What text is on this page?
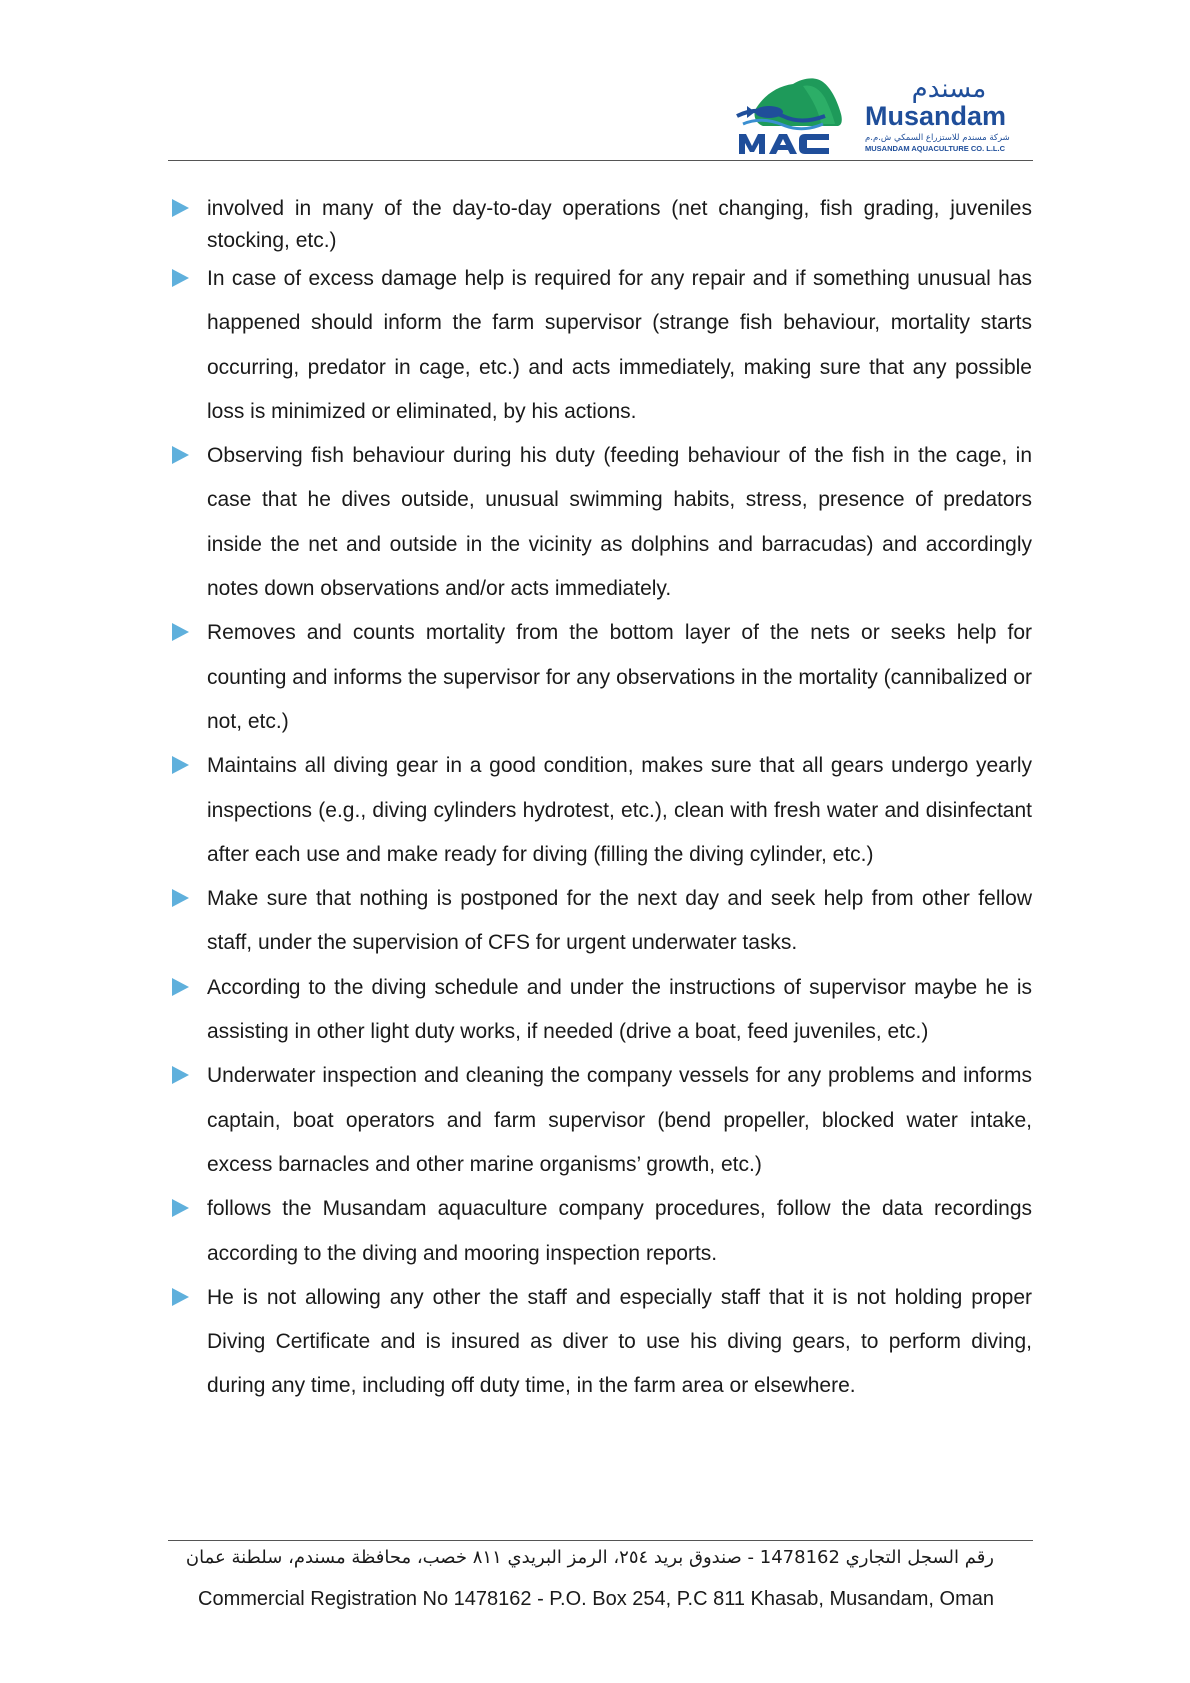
مسندم
Musandam
شركة مسندم للاستزراع السمكي ش.م.م
MUSANDAM AQUACULTURE CO. L.L.C
involved in many of the day-to-day operations (net changing, fish grading, juveniles stocking, etc.)
In case of excess damage help is required for any repair and if something unusual has happened should inform the farm supervisor (strange fish behaviour, mortality starts occurring, predator in cage, etc.) and acts immediately, making sure that any possible loss is minimized or eliminated, by his actions.
Observing fish behaviour during his duty (feeding behaviour of the fish in the cage, in case that he dives outside, unusual swimming habits, stress, presence of predators inside the net and outside in the vicinity as dolphins and barracudas) and accordingly notes down observations and/or acts immediately.
Removes and counts mortality from the bottom layer of the nets or seeks help for counting and informs the supervisor for any observations in the mortality (cannibalized or not, etc.)
Maintains all diving gear in a good condition, makes sure that all gears undergo yearly inspections (e.g., diving cylinders hydrotest, etc.), clean with fresh water and disinfectant after each use and make ready for diving (filling the diving cylinder, etc.)
Make sure that nothing is postponed for the next day and seek help from other fellow staff, under the supervision of CFS for urgent underwater tasks.
According to the diving schedule and under the instructions of supervisor maybe he is assisting in other light duty works, if needed (drive a boat, feed juveniles, etc.)
Underwater inspection and cleaning the company vessels for any problems and informs captain, boat operators and farm supervisor (bend propeller, blocked water intake, excess barnacles and other marine organisms’ growth, etc.)
follows the Musandam aquaculture company procedures, follow the data recordings according to the diving and mooring inspection reports.
He is not allowing any other the staff and especially staff that it is not holding proper Diving Certificate and is insured as diver to use his diving gears, to perform diving, during any time, including off duty time, in the farm area or elsewhere.
رقم السجل التجاري 1478162 - صندوق بريد ٢٥٤، الرمز البريدي ٨١١ خصب، محافظة مسندم، سلطنة عمان
Commercial Registration No 1478162 - P.O. Box 254, P.C 811 Khasab, Musandam, Oman
